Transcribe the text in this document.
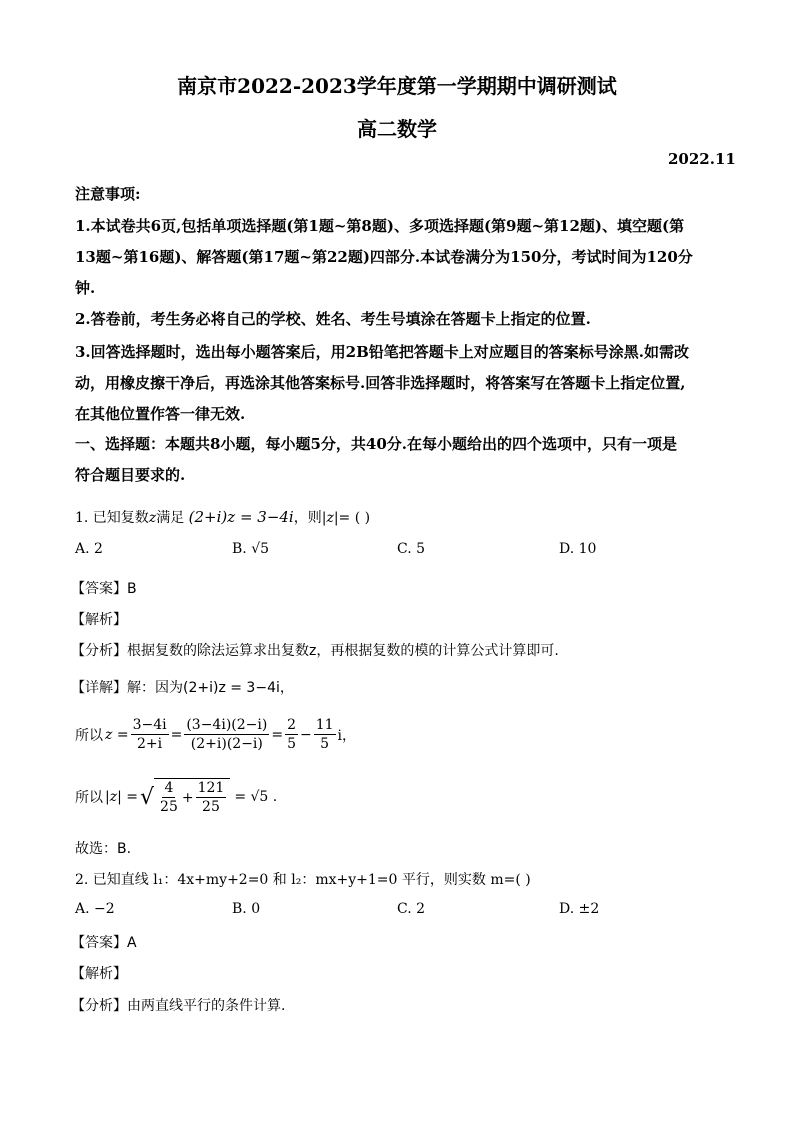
南京市2022-2023学年度第一学期期中调研测试
高二数学
2022.11
注意事项:
1.本试卷共6页,包括单项选择题(第1题~第8题)、多项选择题(第9题~第12题)、填空题(第
13题~第16题)、解答题(第17题~第22题)四部分.本试卷满分为150分，考试时间为120分
钟.
2.答卷前，考生务必将自己的学校、姓名、考生号填涂在答题卡上指定的位置.
3.回答选择题时，选出每小题答案后，用2B铅笔把答题卡上对应题目的答案标号涂黑.如需改
动，用橡皮擦干净后，再选涂其他答案标号.回答非选择题时，将答案写在答题卡上指定位置,
在其他位置作答一律无效.
一、选择题：本题共8小题，每小题5分，共40分.在每小题给出的四个选项中，只有一项是
符合题目要求的.
1. 已知复数z满足 (2+i)z = 3−4i，则|z|= ( )
A. 2	B. √5	C. 5	D. 10
【答案】B
【解析】
【分析】根据复数的除法运算求出复数z，再根据复数的模的计算公式计算即可.
【详解】解：因为(2+i)z = 3−4i，
所以 $z = \frac{3-4i}{2+i} = \frac{(3-4i)(2-i)}{(2+i)(2-i)} = \frac{2}{5} - \frac{11}{5}$ i，
所以 |z| = √ $\frac{4}{25} + \frac{121}{25} = √5$ .
故选：B.
2. 已知直线 l₁：4x+my+2=0 和 l₂：mx+y+1=0 平行，则实数 m=( )
A. −2	B. 0	C. 2	D. ±2
【答案】A
【解析】
【分析】由两直线平行的条件计算.
